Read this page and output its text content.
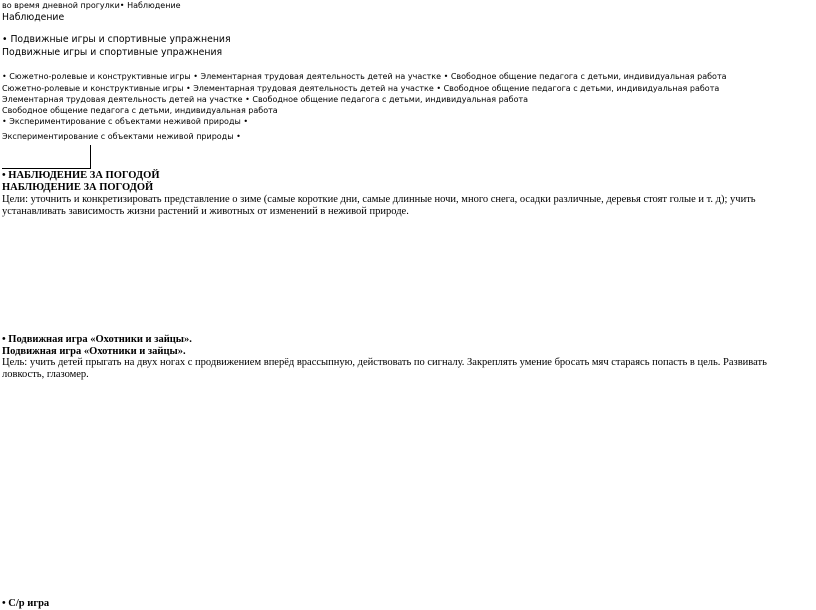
во время дневной прогулки• Наблюдение
Наблюдение
• Подвижные игры и спортивные упражнения
Подвижные игры и спортивные упражнения
• Сюжетно-ролевые и конструктивные игры • Элементарная трудовая деятельность детей на участке • Свободное общение педагога с детьми, индивидуальная работа
Сюжетно-ролевые и конструктивные игры • Элементарная трудовая деятельность детей на участке • Свободное общение педагога с детьми, индивидуальная работа
Элементарная трудовая деятельность детей на участке • Свободное общение педагога с детьми, индивидуальная работа
Свободное общение педагога с детьми, индивидуальная работа
• Экспериментирование с объектами неживой природы •
Экспериментирование с объектами неживой природы •
• НАБЛЮДЕНИЕ ЗА ПОГОДОЙ
НАБЛЮДЕНИЕ ЗА ПОГОДОЙ
Цели: уточнить и конкретизировать представление о зиме (самые короткие дни, самые длинные ночи, много снега, осадки различные, деревья стоят голые и т. д); учить устанавливать зависимость жизни растений и животных от изменений в неживой природе.
• Подвижная игра «Охотники и зайцы».
Подвижная игра «Охотники и зайцы».
Цель: учить детей прыгать на двух ногах с продвижением вперёд врассыпную, действовать по сигналу. Закреплять умение бросать мяч стараясь попасть в цель. Развивать ловкость, глазомер.
• С/р игра
